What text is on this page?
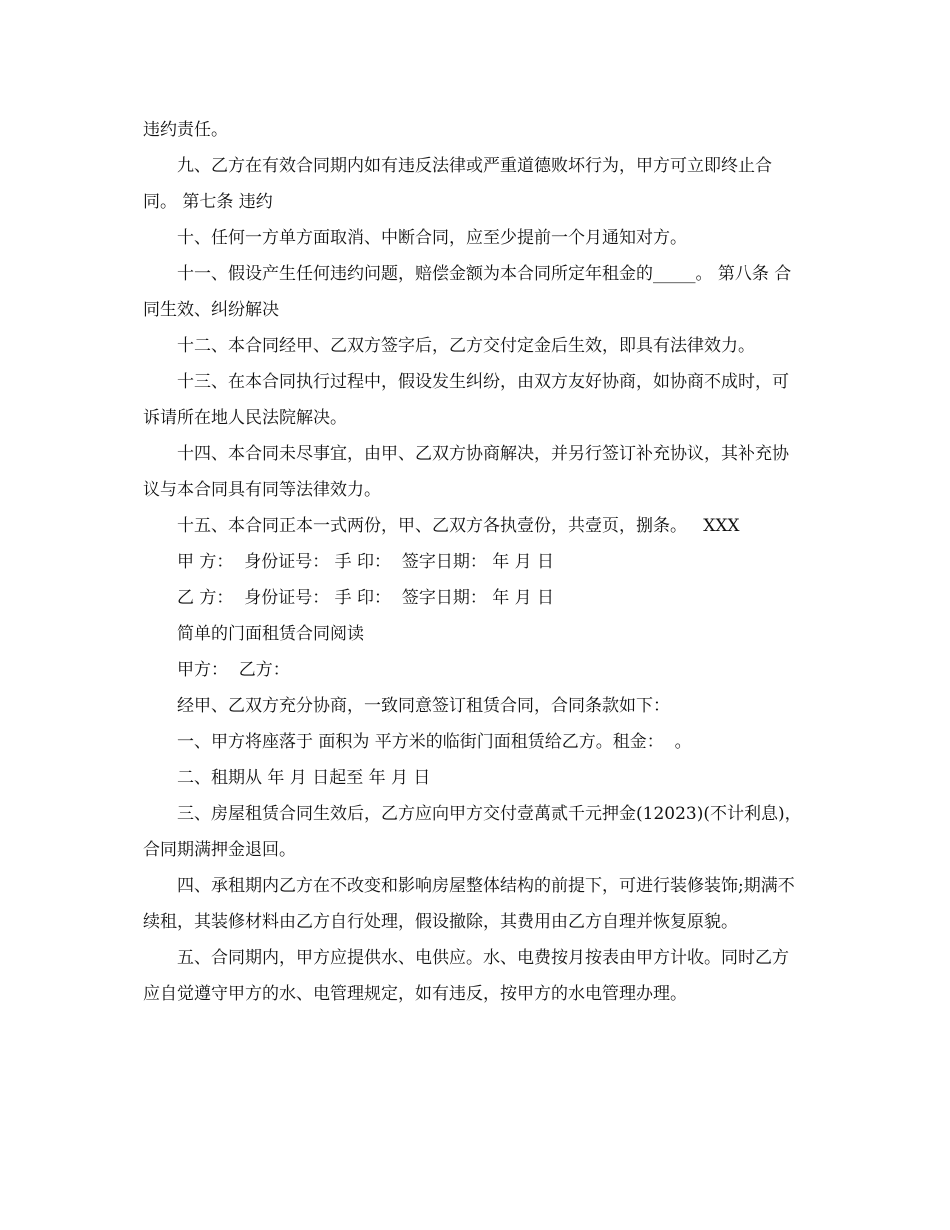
违约责任。

九、乙方在有效合同期内如有违反法律或严重道德败坏行为，甲方可立即终止合同。 第七条 违约

十、任何一方单方面取消、中断合同，应至少提前一个月通知对方。

十一、假设产生任何违约问题，赔偿金额为本合同所定年租金的_____。 第八条 合同生效、纠纷解决

十二、本合同经甲、乙双方签字后，乙方交付定金后生效，即具有法律效力。

十三、在本合同执行过程中，假设发生纠纷，由双方友好协商，如协商不成时，可诉请所在地人民法院解决。

十四、本合同未尽事宜，由甲、乙双方协商解决，并另行签订补充协议，其补充协议与本合同具有同等法律效力。

十五、本合同正本一式两份，甲、乙双方各执壹份，共壹页，捌条。   XXX

甲 方：  身份证号： 手 印：  签字日期： 年 月 日

乙 方：  身份证号： 手 印：  签字日期： 年 月 日

简单的门面租赁合同阅读

甲方：  乙方：

经甲、乙双方充分协商，一致同意签订租赁合同，合同条款如下：

一、甲方将座落于 面积为 平方米的临街门面租赁给乙方。租金：  。

二、租期从 年 月 日起至 年 月 日

三、房屋租赁合同生效后，乙方应向甲方交付壹萬贰千元押金(12023)(不计利息)，合同期满押金退回。

四、承租期内乙方在不改变和影响房屋整体结构的前提下，可进行装修装饰;期满不续租，其装修材料由乙方自行处理，假设撤除，其费用由乙方自理并恢复原貌。

五、合同期内，甲方应提供水、电供应。水、电费按月按表由甲方计收。同时乙方应自觉遵守甲方的水、电管理规定，如有违反，按甲方的水电管理办理。
